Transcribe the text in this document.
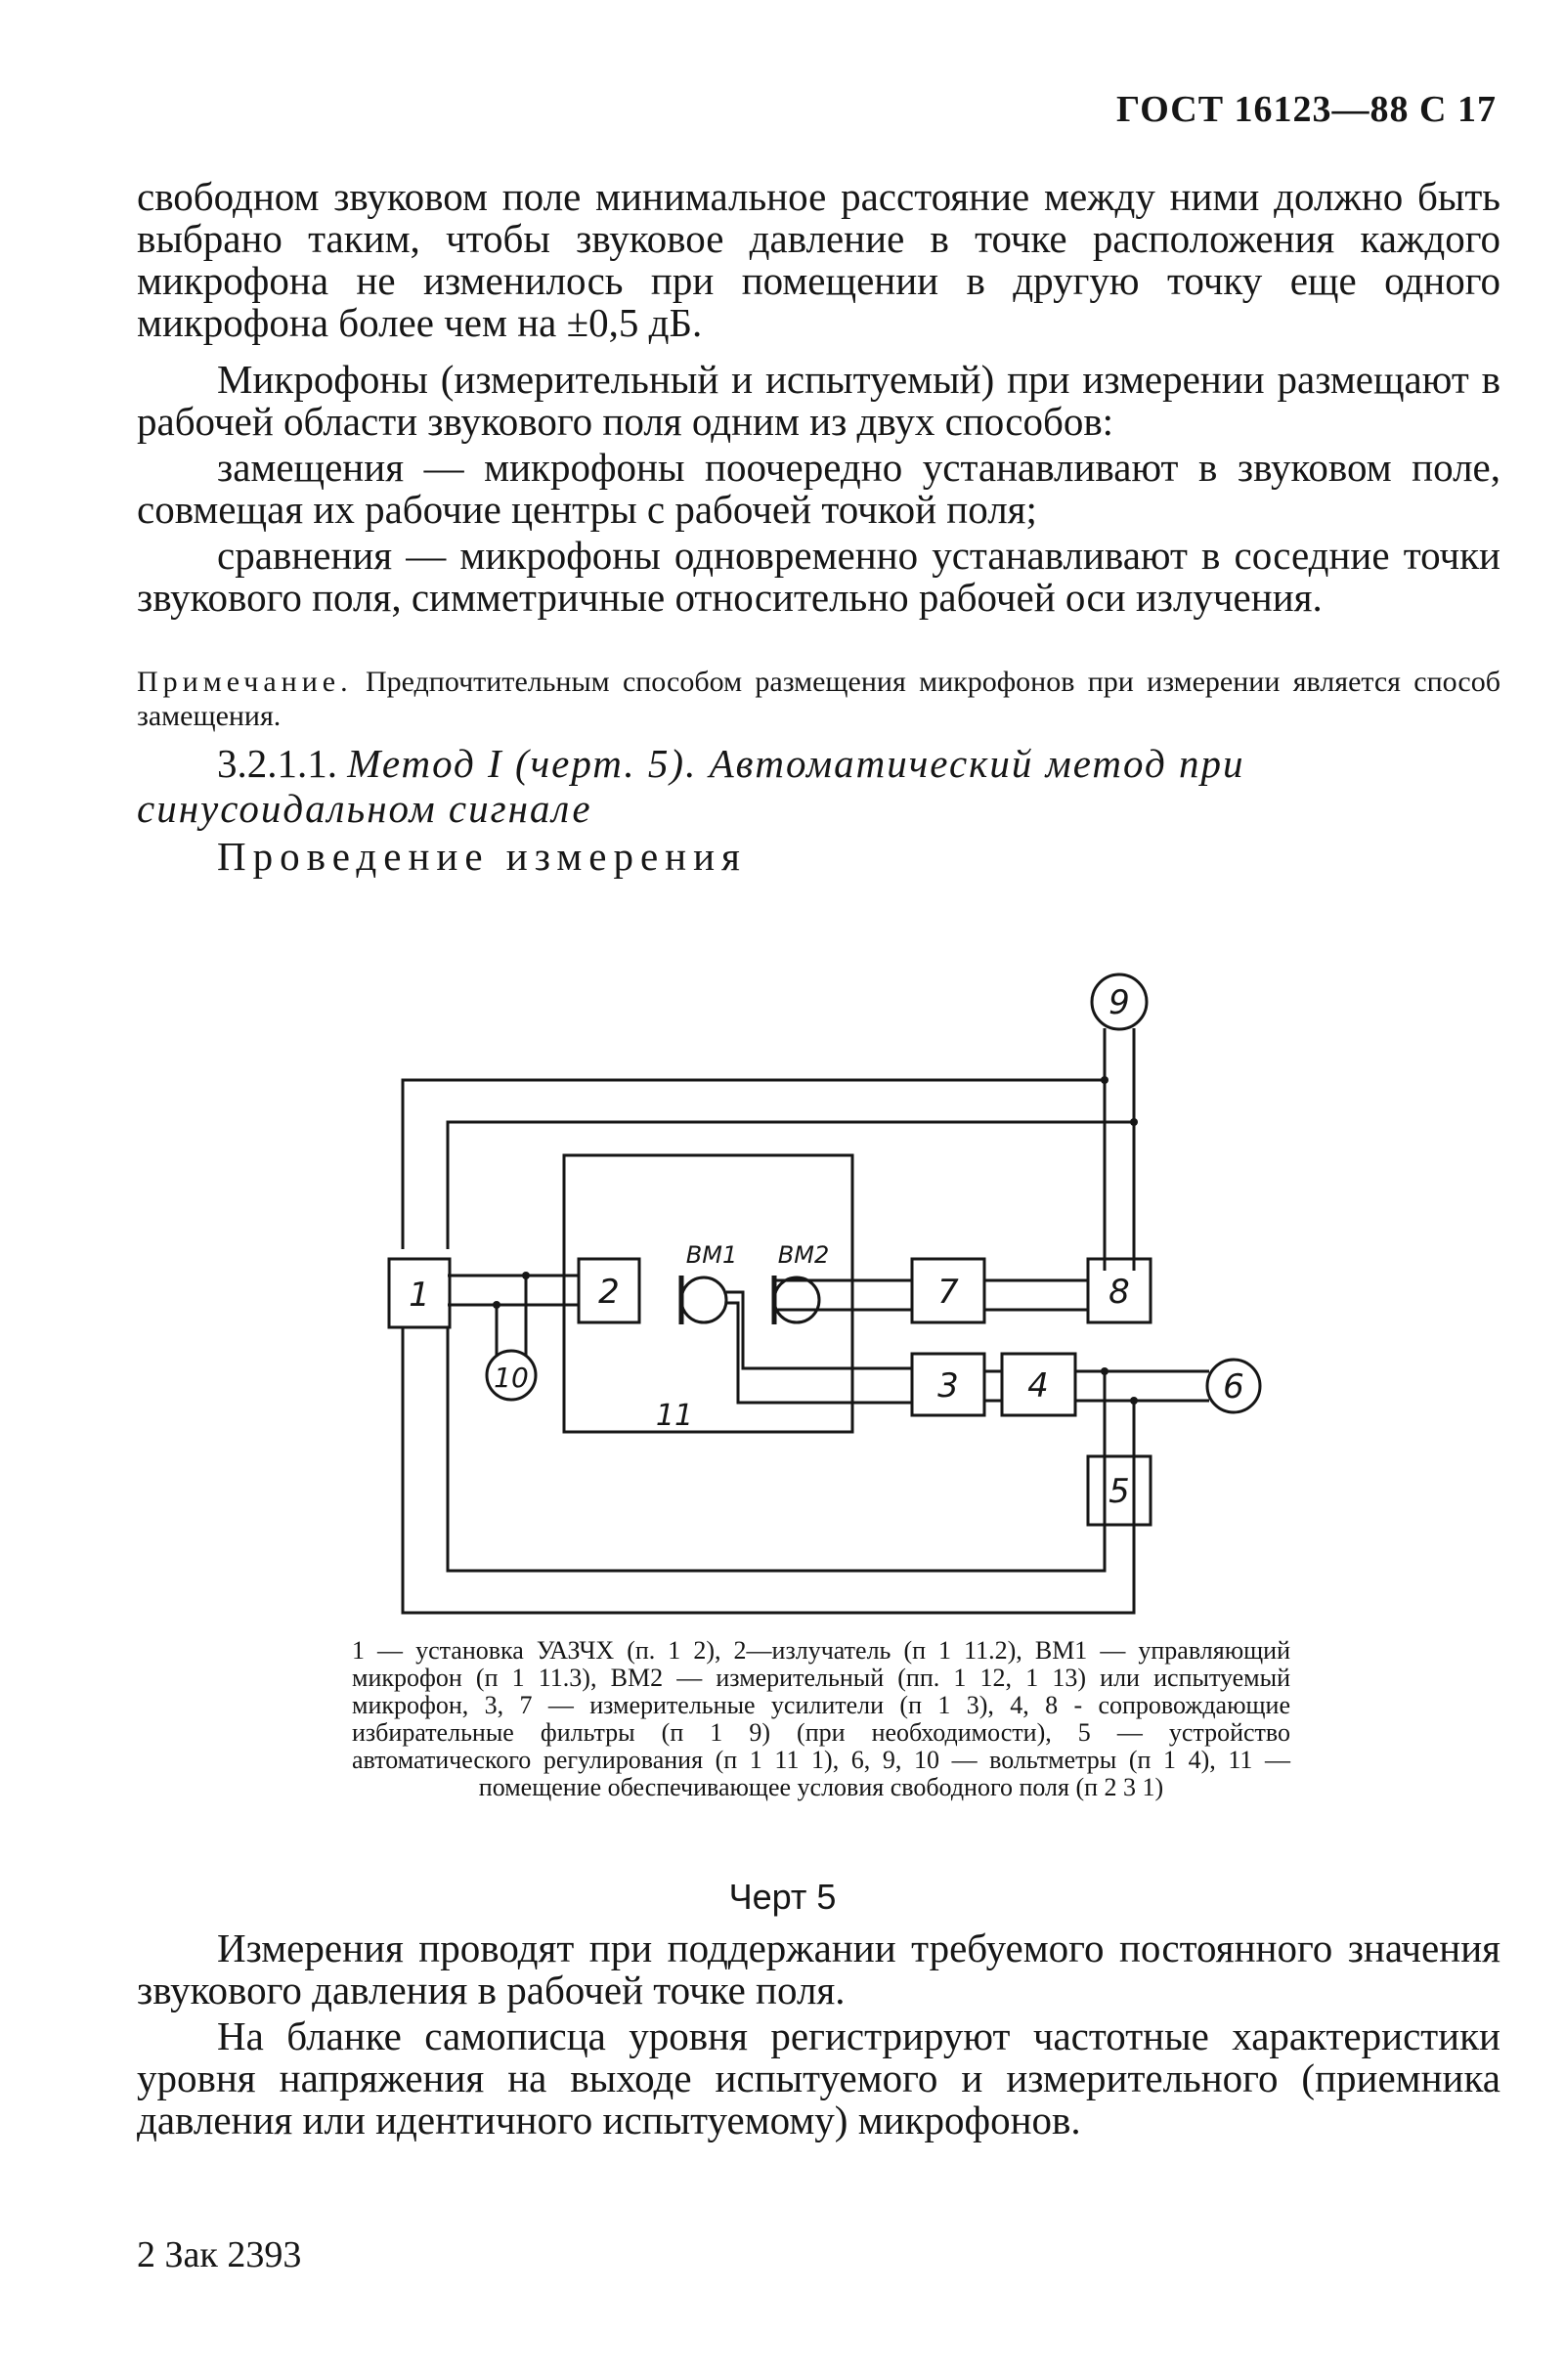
ГОСТ 16123—88 С 17

свободном звуковом поле минимальное расстояние между ними должно быть выбрано таким, чтобы звуковое давление в точке расположения каждого микрофона не изменилось при помещении в другую точку еще одного микрофона более чем на ±0,5 дБ.

Микрофоны (измерительный и испытуемый) при измерении размещают в рабочей области звукового поля одним из двух способов:

замещения — микрофоны поочередно устанавливают в звуковом поле, совмещая их рабочие центры с рабочей точкой поля;

сравнения — микрофоны одновременно устанавливают в соседние точки звукового поля, симметричные относительно рабочей оси излучения.

Примечание. Предпочтительным способом размещения микрофонов при измерении является способ замещения.

3.2.1.1. Метод I (черт. 5). Автоматический метод при синусоидальном сигнале

Проведение измерения
1	2	7	8
3 4
5
9
6
10
11
ВМ1 ВМ2

1 — установка УАЗЧХ (п. 1 2), 2—излучатель (п 1 11.2), ВМ1 — управляющий микрофон (п 1 11.3), ВМ2 — измерительный (пп. 1 12, 1 13) или испытуемый микрофон, 3, 7 — измерительные усилители (п 1 3), 4, 8 - сопровождающие избирательные фильтры (п 1 9) (при необходимости), 5 — устройство автоматического регулирования (п 1 11 1), 6, 9, 10 — вольтметры (п 1 4), 11 — помещение обеспечивающее условия свободного поля (п 2 3 1)

Черт 5

Измерения проводят при поддержании требуемого постоянного значения звукового давления в рабочей точке поля.

На бланке самописца уровня регистрируют частотные характеристики уровня напряжения на выходе испытуемого и измерительного (приемника давления или идентичного испытуемому) микрофонов.

2 Зак 2393
